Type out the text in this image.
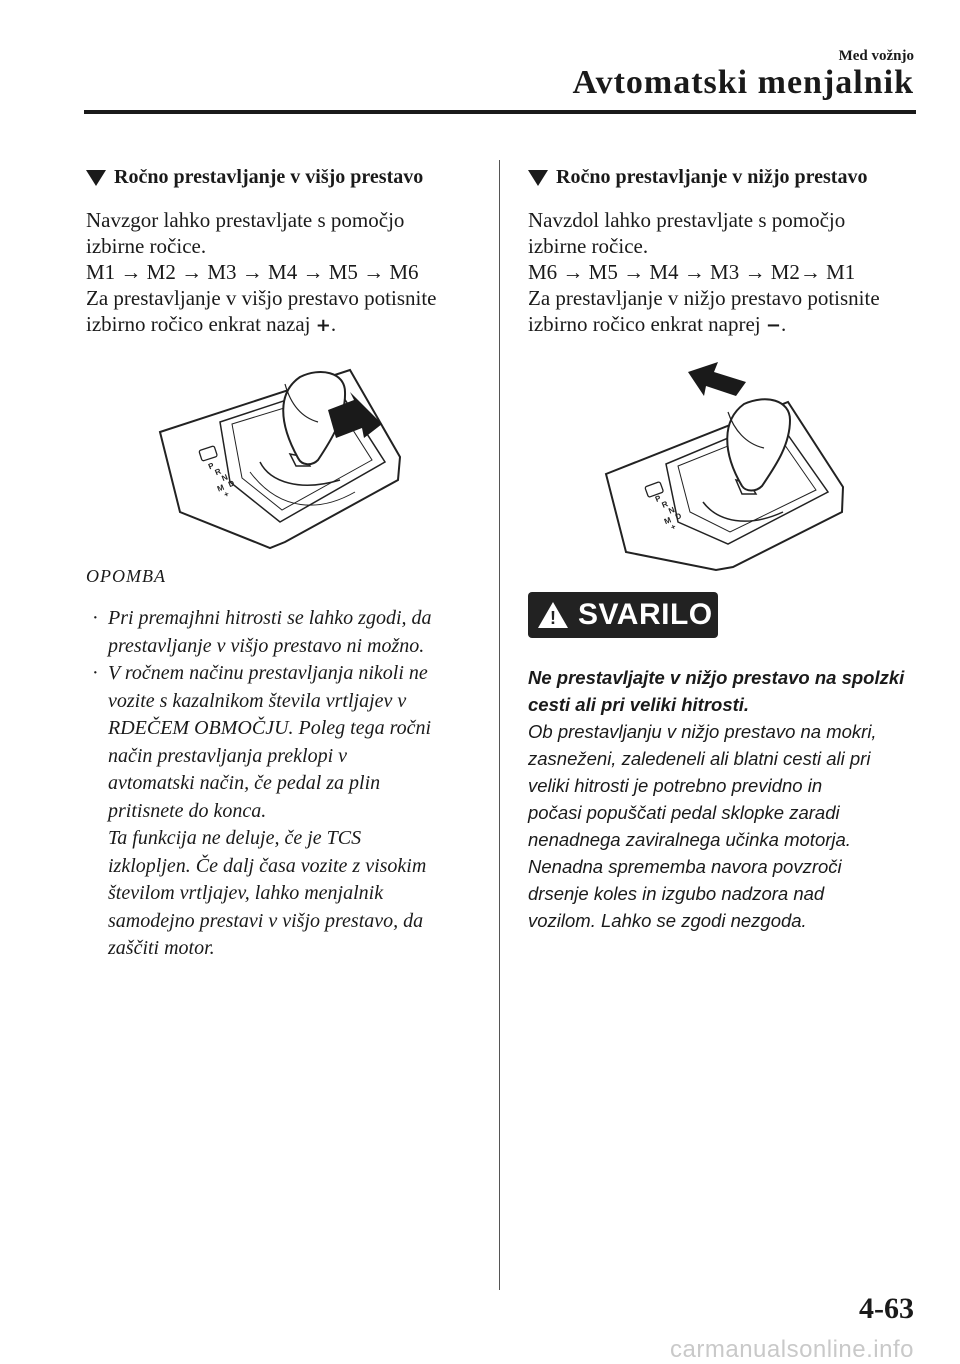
Med vožnjo
Avtomatski menjalnik
Ročno prestavljanje v višjo prestavo
Navzgor lahko prestavljate s pomočjo
izbirne ročice.
M1 → M2 → M3 → M4 → M5 → M6
Za prestavljanje v višjo prestavo potisnite
izbirno ročico enkrat nazaj +.
P
R
N
D
M
+
OPOMBA
· Pri premajhni hitrosti se lahko zgodi, da
prestavljanje v višjo prestavo ni možno.
· V ročnem načinu prestavljanja nikoli ne
vozite s kazalnikom števila vrtljajev v
RDEČEM OBMOČJU. Poleg tega ročni
način prestavljanja preklopi v
avtomatski način, če pedal za plin
pritisnete do konca.
Ta funkcija ne deluje, če je TCS
izklopljen. Če dalj časa vozite z visokim
številom vrtljajev, lahko menjalnik
samodejno prestavi v višjo prestavo, da
zaščiti motor.
Ročno prestavljanje v nižjo prestavo
Navzdol lahko prestavljate s pomočjo
izbirne ročice.
M6 → M5 → M4 → M3 → M2→ M1
Za prestavljanje v nižjo prestavo potisnite
izbirno ročico enkrat naprej −.
P
R
N
D
M
+
! SVARILO
Ne prestavljajte v nižjo prestavo na spolzki
cesti ali pri veliki hitrosti.
Ob prestavljanju v nižjo prestavo na mokri,
zasneženi, zaledeneli ali blatni cesti ali pri
veliki hitrosti je potrebno previdno in
počasi popuščati pedal sklopke zaradi
nenadnega zaviralnega učinka motorja.
Nenadna sprememba navora povzroči
drsenje koles in izgubo nadzora nad
vozilom. Lahko se zgodi nezgoda.
4-63
carmanualsonline.info
